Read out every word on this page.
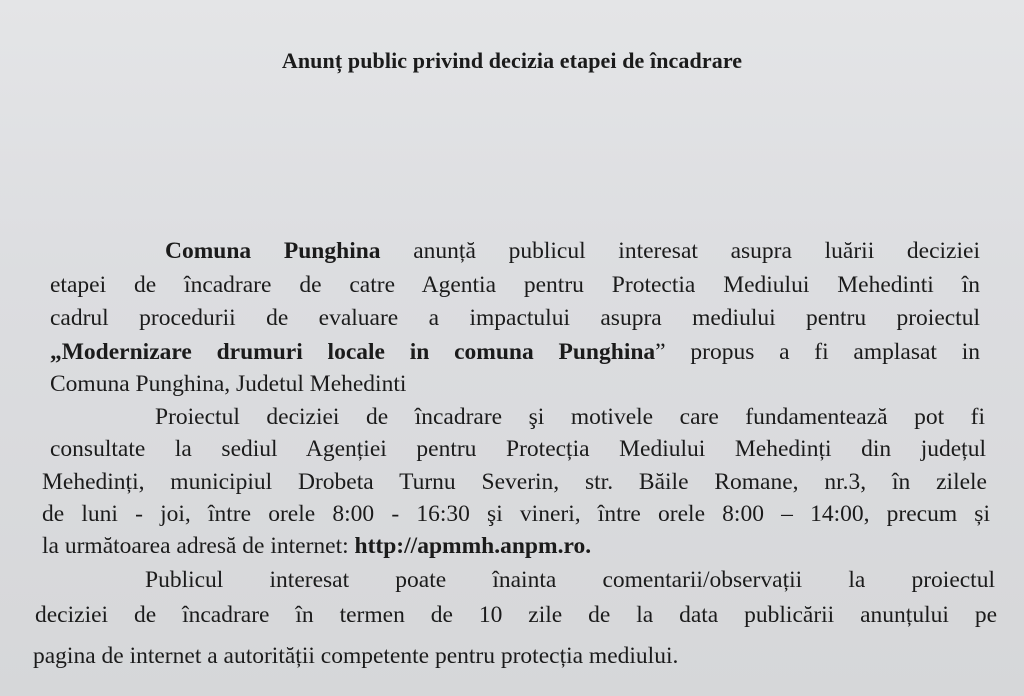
Anunț public privind decizia etapei de încadrare
Comuna Punghina anunță publicul interesat asupra luării deciziei
etapei de încadrare de catre Agentia pentru Protectia Mediului Mehedinti în
cadrul procedurii de evaluare a impactului asupra mediului pentru proiectul
„Modernizare drumuri locale in comuna Punghina” propus a fi amplasat in
Comuna Punghina, Judetul Mehedinti
Proiectul deciziei de încadrare şi motivele care fundamentează pot fi
consultate la sediul Agenției pentru Protecția Mediului Mehedinți din județul
Mehedinți, municipiul Drobeta Turnu Severin, str. Băile Romane, nr.3, în zilele
de luni - joi, între orele 8:00 - 16:30 şi vineri, între orele 8:00 – 14:00, precum și
la următoarea adresă de internet: http://apmmh.anpm.ro.
Publicul interesat poate înainta comentarii/observații la proiectul
deciziei de încadrare în termen de 10 zile de la data publicării anunțului pe
pagina de internet a autorității competente pentru protecția mediului.
